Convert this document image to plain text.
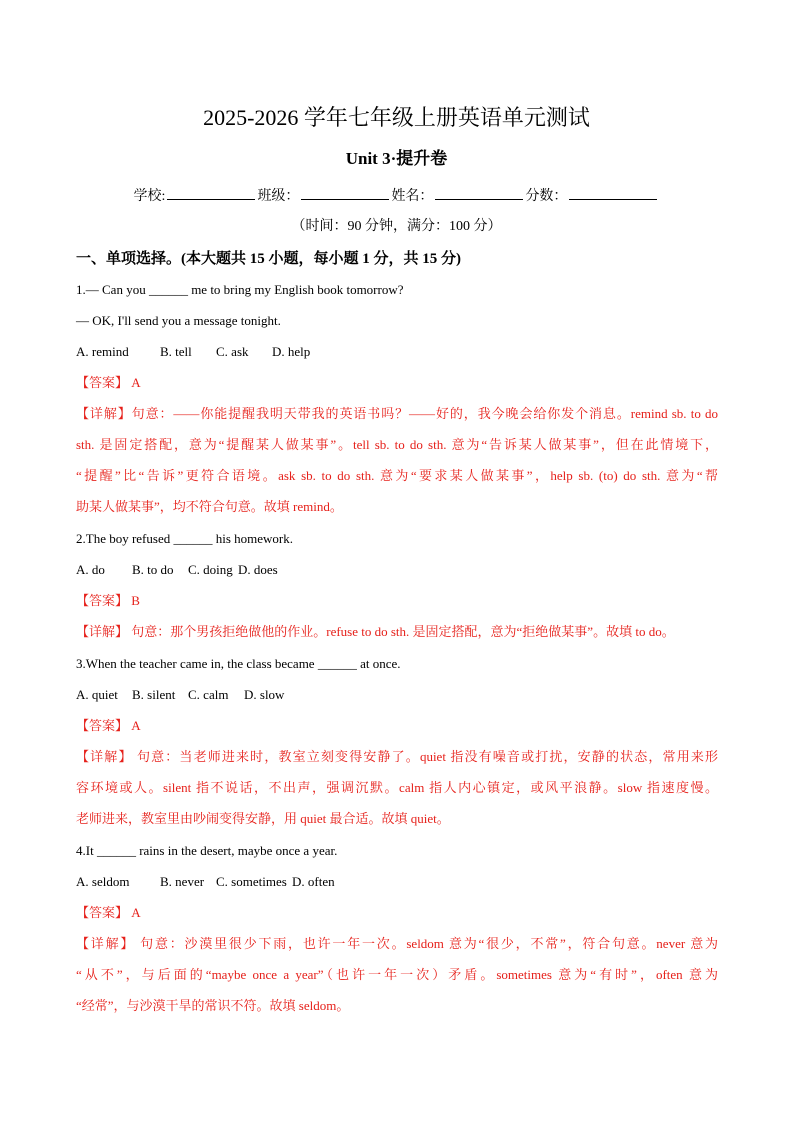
2025-2026 学年七年级上册英语单元测试
Unit 3·提升卷
学校:	班级：	姓名：	分数：
（时间：90 分钟，满分：100 分）
一、单项选择。(本大题共 15 小题，每小题 1 分，共 15 分)
1.— Can you ______ me to bring my English book tomorrow?
— OK, I'll send you a message tonight.
A. remind B. tell C. ask D. help
【答案】 A
【详解】句意：——你能提醒我明天带我的英语书吗？——好的，我今晚会给你发个消息。remind sb. to do
sth. 是固定搭配，意为“提醒某人做某事”。tell sb. to do sth. 意为“告诉某人做某事”，但在此情境下，
“提醒”比“告诉”更符合语境。ask sb. to do sth. 意为“要求某人做某事”，help sb. (to) do sth. 意为“帮
助某人做某事”，均不符合句意。故填 remind。
2.The boy refused ______ his homework.
A. do B. to do C. doing D. does
【答案】 B
【详解】 句意：那个男孩拒绝做他的作业。refuse to do sth. 是固定搭配，意为“拒绝做某事”。故填 to do。
3.When the teacher came in, the class became ______ at once.
A. quiet B. silent C. calm D. slow
【答案】 A
【详解】 句意：当老师进来时，教室立刻变得安静了。quiet 指没有噪音或打扰，安静的状态，常用来形
容环境或人。silent 指不说话，不出声，强调沉默。calm 指人内心镇定，或风平浪静。slow 指速度慢。
老师进来，教室里由吵闹变得安静，用 quiet 最合适。故填 quiet。
4.It ______ rains in the desert, maybe once a year.
A. seldom B. never C. sometimes D. often
【答案】 A
【详解】 句意：沙漠里很少下雨，也许一年一次。seldom 意为“很少，不常”，符合句意。never 意为
“从不”，与后面的“maybe once a year”（也许一年一次）矛盾。sometimes 意为“有时”，often 意为
“经常”，与沙漠干旱的常识不符。故填 seldom。
